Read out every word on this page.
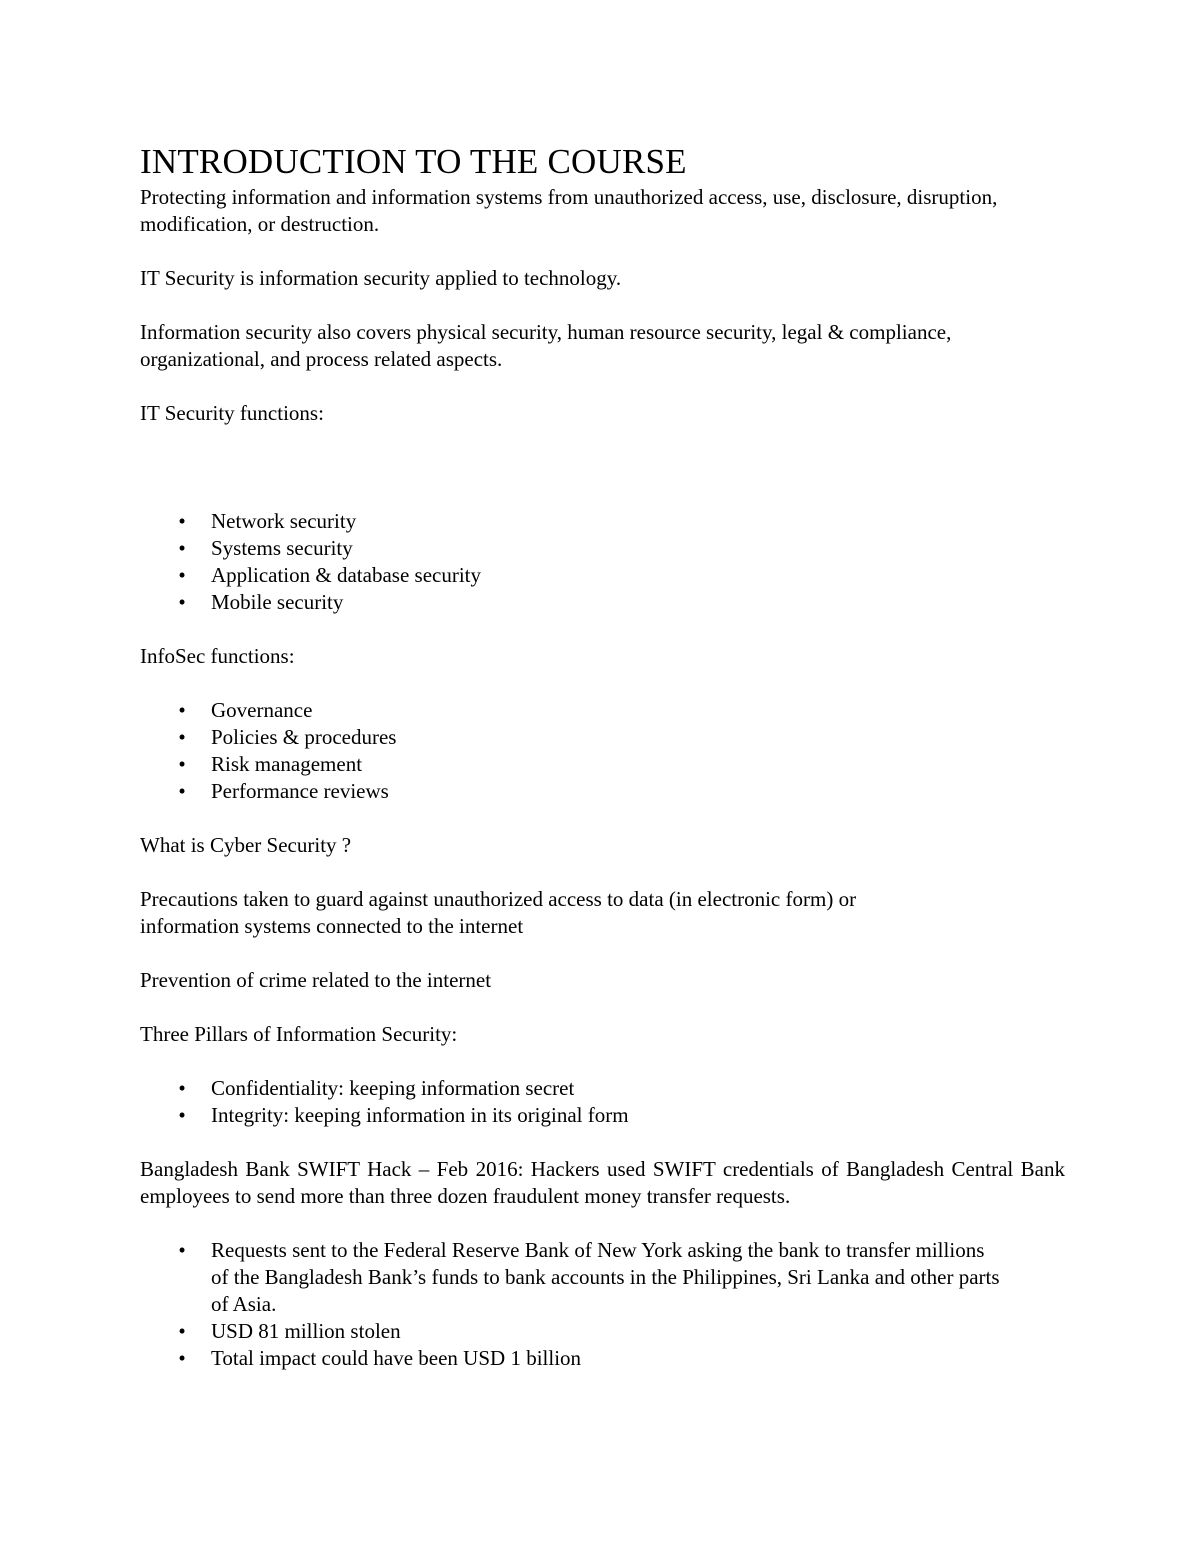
INTRODUCTION TO THE COURSE

Protecting information and information systems from unauthorized access, use, disclosure, disruption, modification, or destruction.

IT Security is information security applied to technology.

Information security also covers physical security, human resource security, legal & compliance, organizational, and process related aspects.

IT Security functions:

• Network security
• Systems security
• Application & database security
• Mobile security

InfoSec functions:

• Governance
• Policies & procedures
• Risk management
• Performance reviews

What is Cyber Security ?

Precautions taken to guard against unauthorized access to data (in electronic form) or information systems connected to the internet

Prevention of crime related to the internet

Three Pillars of Information Security:

• Confidentiality: keeping information secret
• Integrity: keeping information in its original form

Bangladesh Bank SWIFT Hack – Feb 2016: Hackers used SWIFT credentials of Bangladesh Central Bank employees to send more than three dozen fraudulent money transfer requests.

• Requests sent to the Federal Reserve Bank of New York asking the bank to transfer millions of the Bangladesh Bank’s funds to bank accounts in the Philippines, Sri Lanka and other parts of Asia.
• USD 81 million stolen
• Total impact could have been USD 1 billion
